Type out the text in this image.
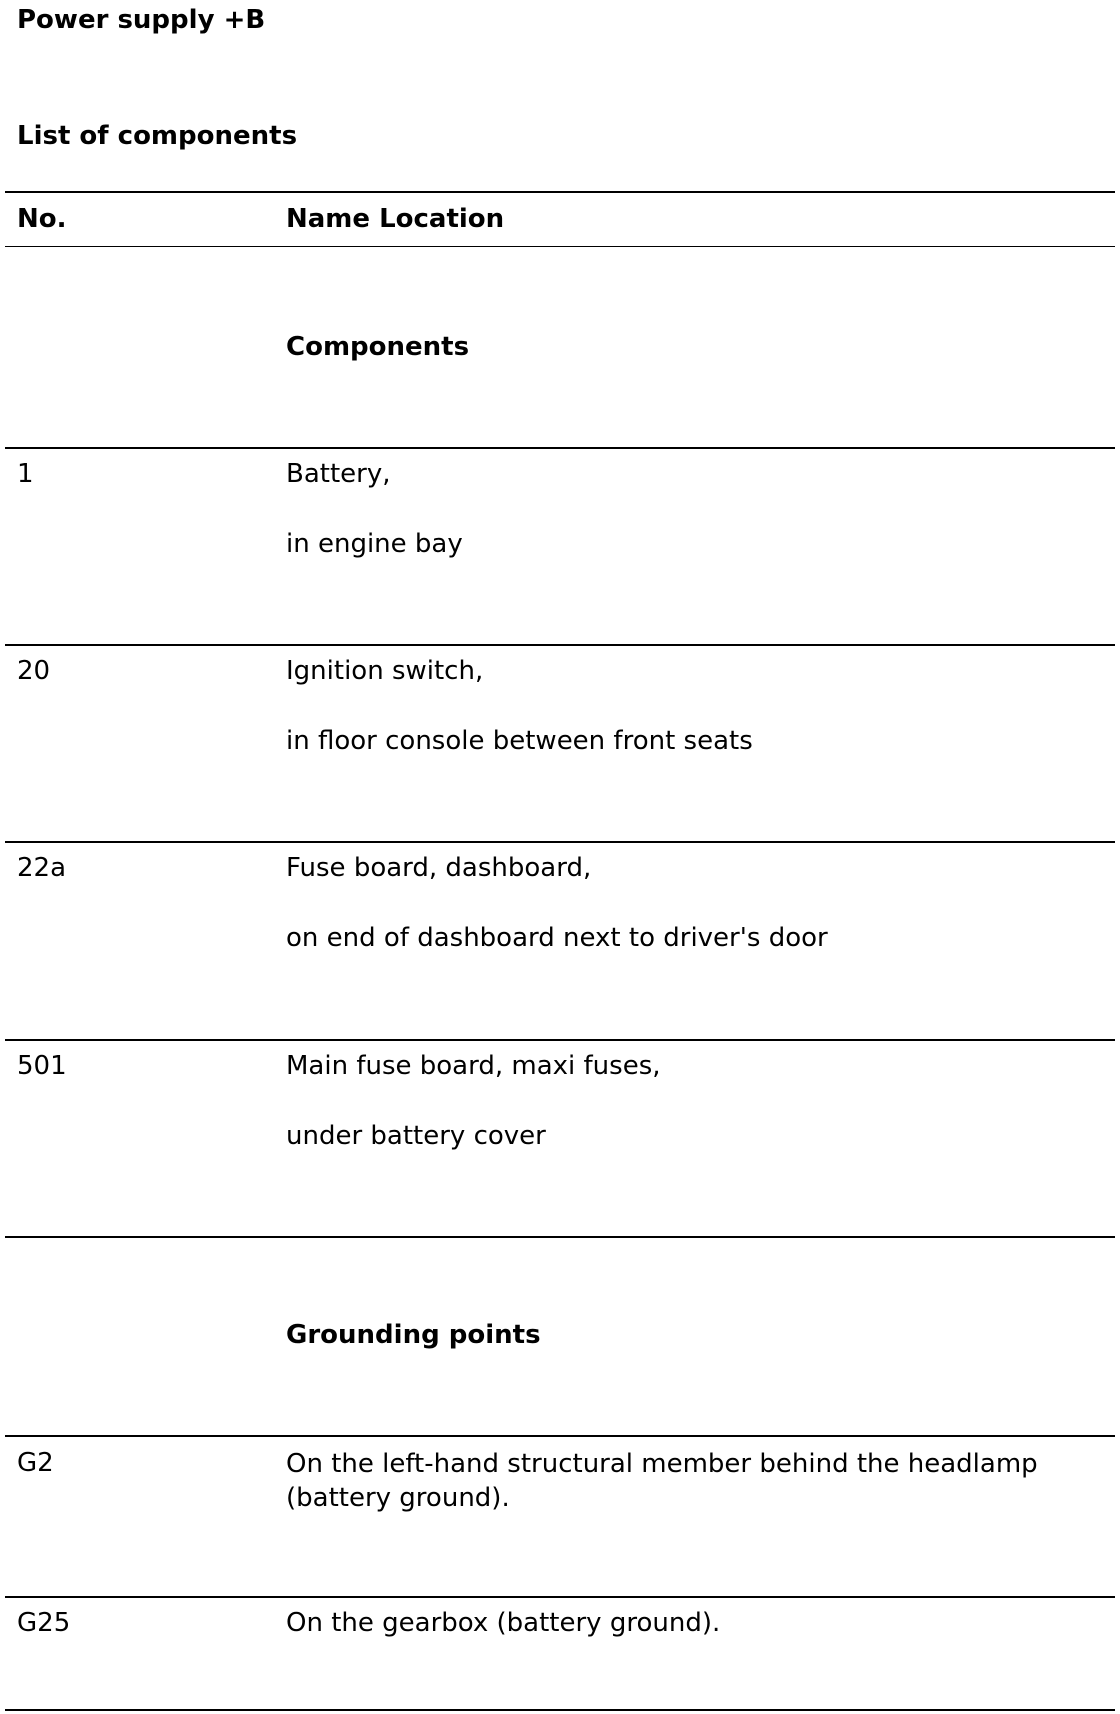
Power supply +B
List of components
No.	Name Location
Components
1	Battery,
in engine bay
20	Ignition switch,
in floor console between front seats
22a	Fuse board, dashboard,
on end of dashboard next to driver's door
501	Main fuse board, maxi fuses,
under battery cover
Grounding points
G2	On the left-hand structural member behind the headlamp (battery ground).
G25	On the gearbox (battery ground).
